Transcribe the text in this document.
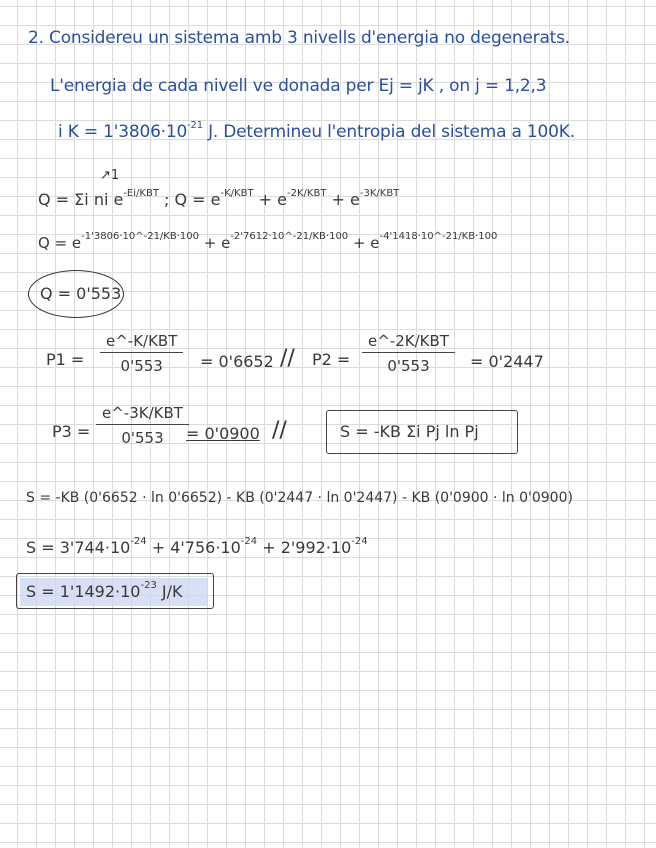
2. Considereu un sistema amb 3 nivells d'energia no degenerats.
L'energia de cada nivell ve donada per Ej = jK , on j = 1,2,3
i $K = 1'3806\cdot 10^{-21}$ J. Determineu l'entropia del sistema a 100K.
↗1
Q = Σi ni $e^{-Ei/KBT}$ ; $Q = e^{-K/KBT} + e^{-2K/KBT} + e^{-3K/KBT}$
$Q = e^{-1'3806\cdot 10\^{}-21/KB\cdot 100} + e^{-2'7612\cdot 10\^{}-21/KB\cdot 100} + e^{-4'1418\cdot 10\^{}-21/KB\cdot 100}$
Q = 0'553
P1 =
e^-K/KBT
0'553 = 0'6652 // P2 =
e^-2K/KBT
0'553	= 0'2447
P3 =
e^-3K/KBT
0'553 = 0'0900 //	S = -KB Σi Pj ln Pj
S = -KB (0'6652 · ln 0'6652) - KB (0'2447 · ln 0'2447) - KB (0'0900 · ln 0'0900)
$S = 3'744\cdot 10^{-24} + 4'756\cdot 10^{-24} + 2'992\cdot 10^{-24}$
$S = 1'1492\cdot 10^{-23}$ J/K
